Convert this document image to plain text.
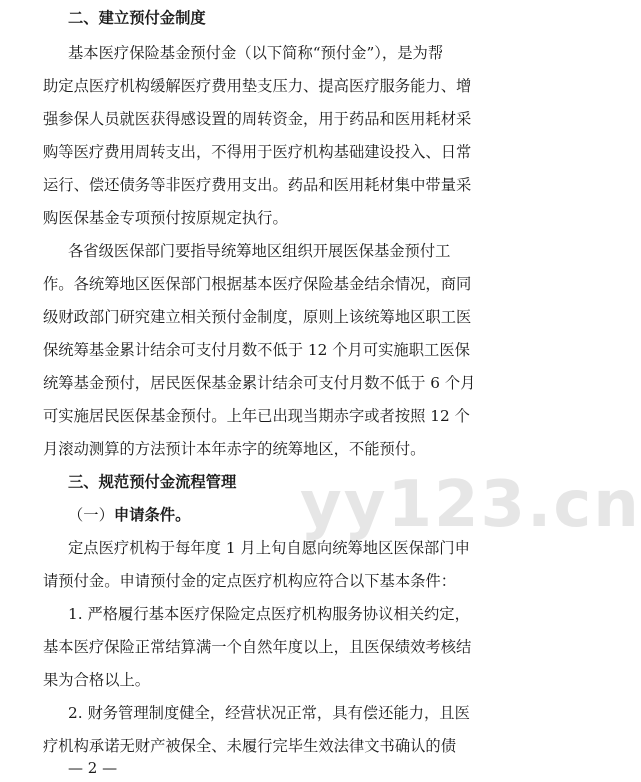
yy123.cn
二、建立预付金制度
基本医疗保险基金预付金（以下简称“预付金”），是为帮
助定点医疗机构缓解医疗费用垫支压力、提高医疗服务能力、增
强参保人员就医获得感设置的周转资金，用于药品和医用耗材采
购等医疗费用周转支出，不得用于医疗机构基础建设投入、日常
运行、偿还债务等非医疗费用支出。药品和医用耗材集中带量采
购医保基金专项预付按原规定执行。
各省级医保部门要指导统筹地区组织开展医保基金预付工
作。各统筹地区医保部门根据基本医疗保险基金结余情况，商同
级财政部门研究建立相关预付金制度，原则上该统筹地区职工医
保统筹基金累计结余可支付月数不低于 12 个月可实施职工医保
统筹基金预付，居民医保基金累计结余可支付月数不低于 6 个月
可实施居民医保基金预付。上年已出现当期赤字或者按照 12 个
月滚动测算的方法预计本年赤字的统筹地区，不能预付。
三、规范预付金流程管理
（一）申请条件。
定点医疗机构于每年度 1 月上旬自愿向统筹地区医保部门申
请预付金。申请预付金的定点医疗机构应符合以下基本条件：
1. 严格履行基本医疗保险定点医疗机构服务协议相关约定，
基本医疗保险正常结算满一个自然年度以上，且医保绩效考核结
果为合格以上。
2. 财务管理制度健全，经营状况正常，具有偿还能力，且医
疗机构承诺无财产被保全、未履行完毕生效法律文书确认的债
— 2 —
